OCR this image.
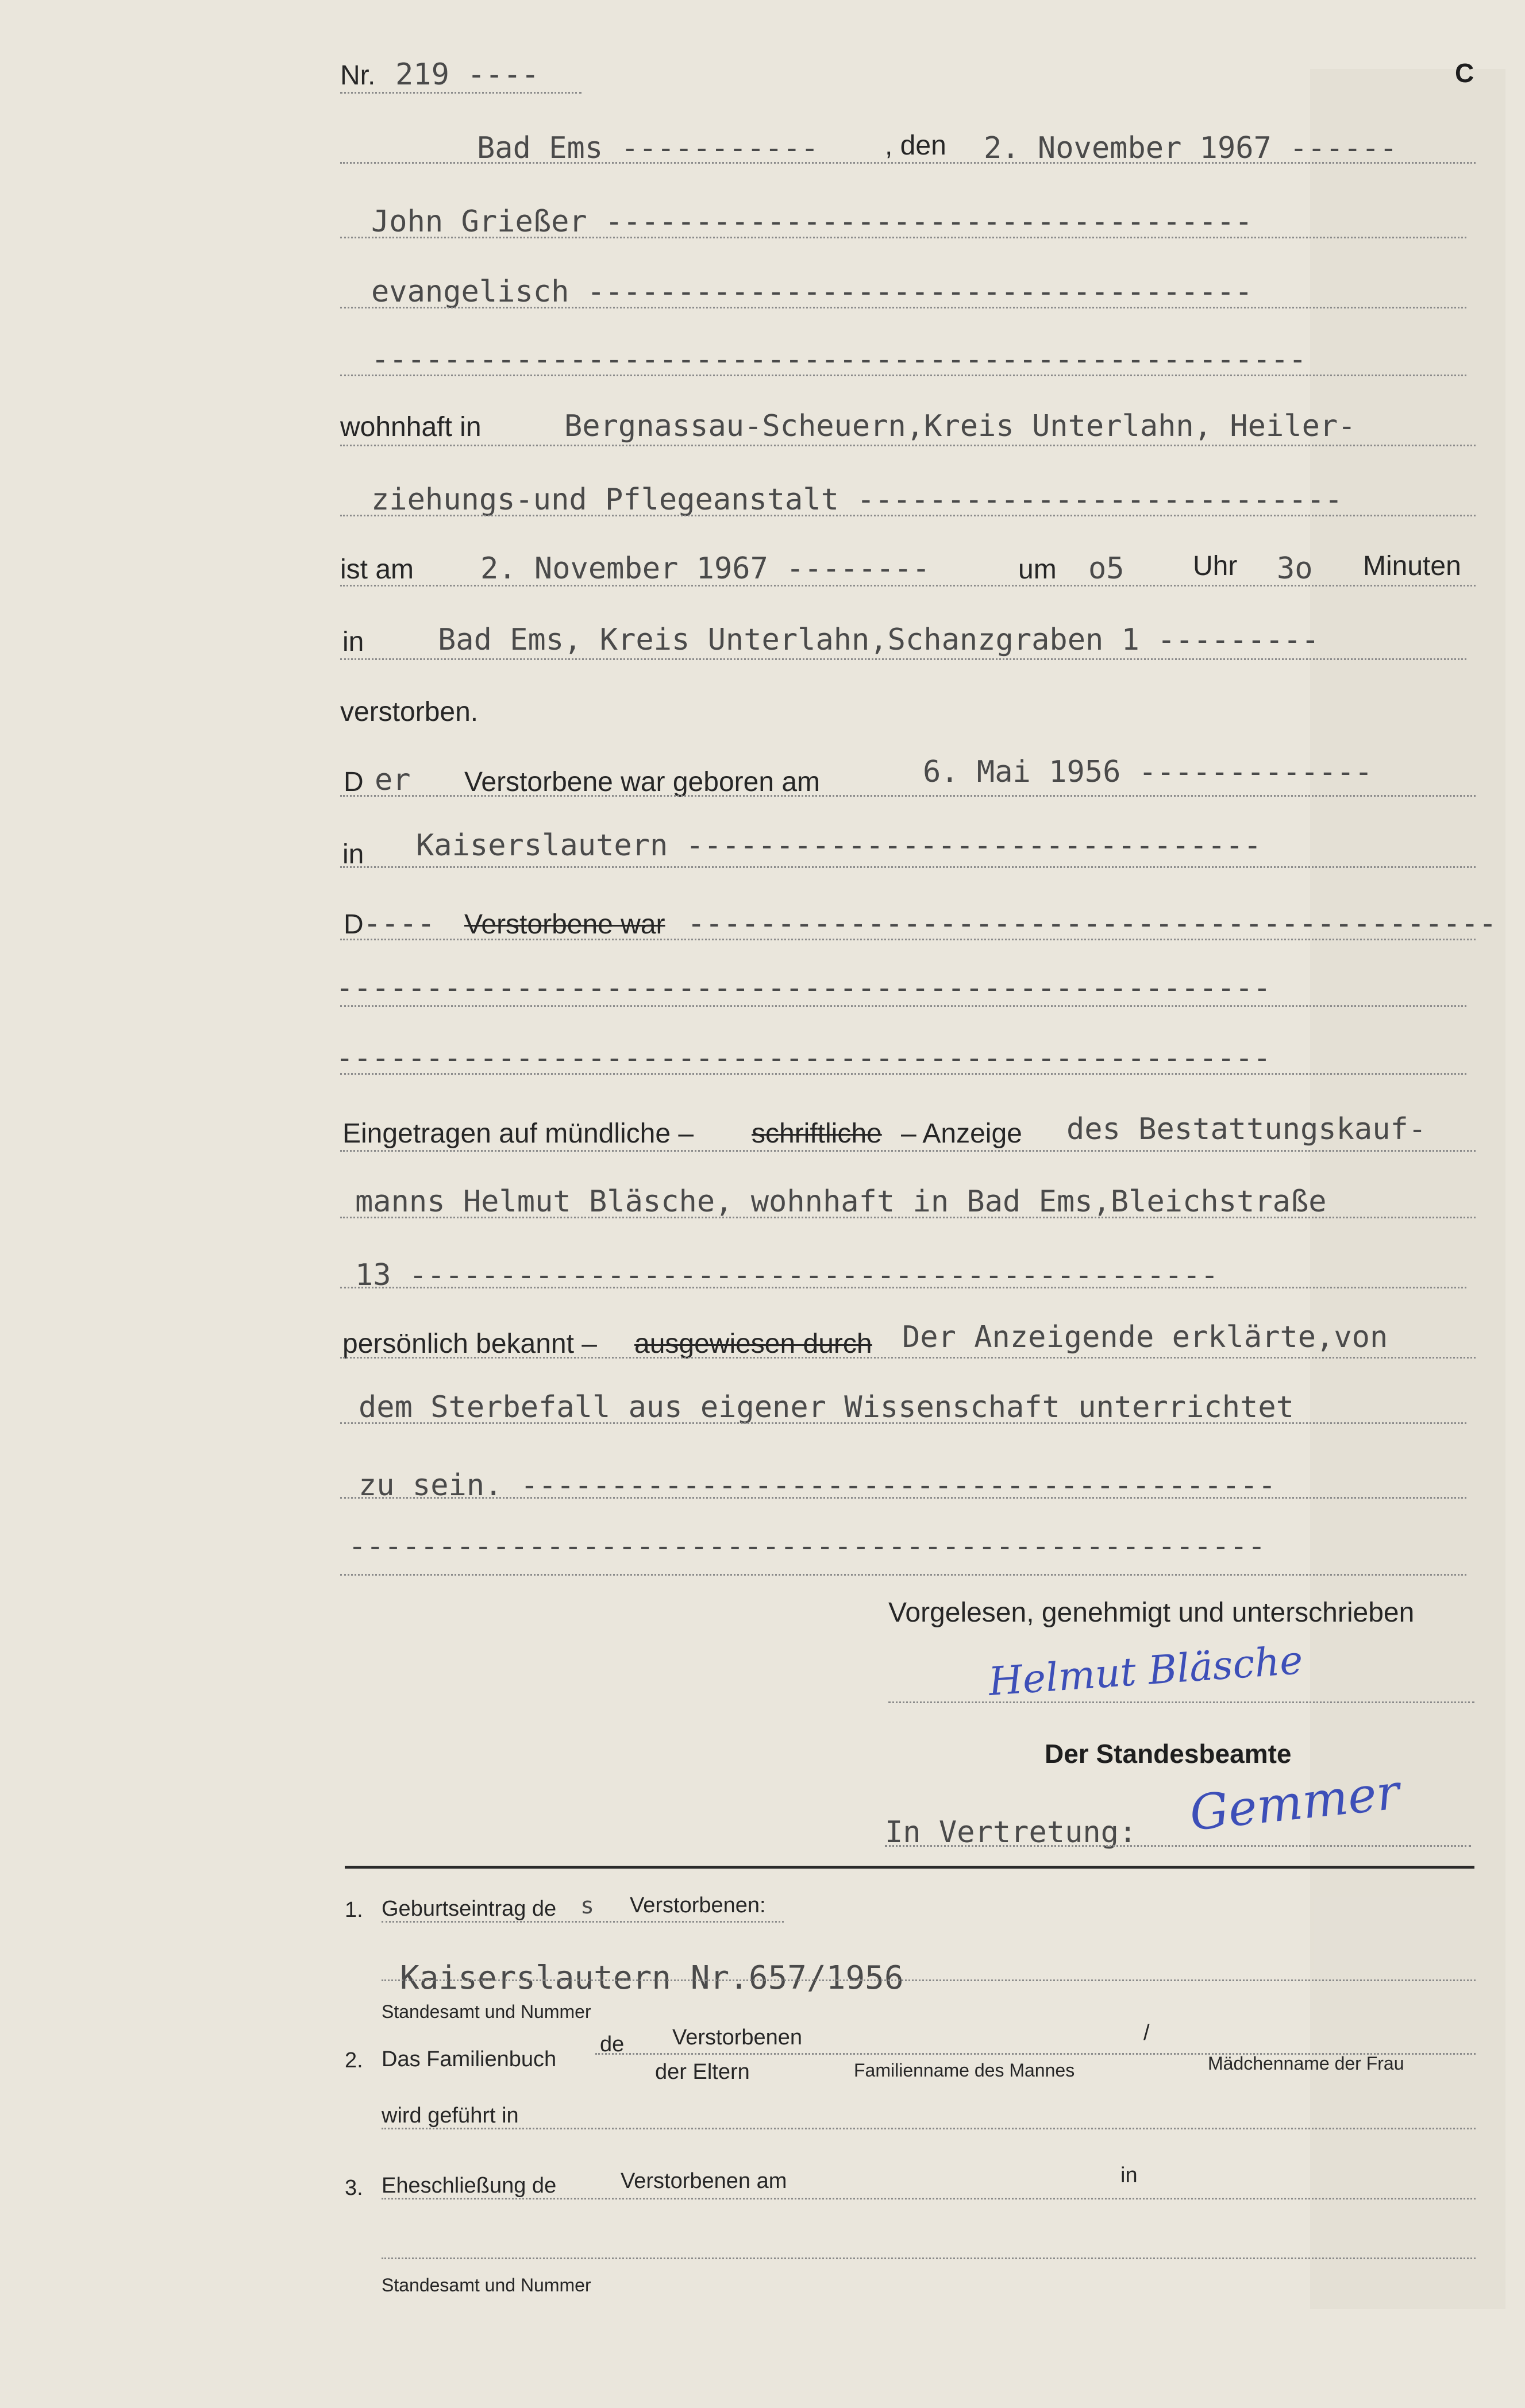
Nr. 219 ----	C
Bad Ems ----------- , den 2. November 1967 ------
John Grießer ------------------------------------
evangelisch -------------------------------------
----------------------------------------------------
wohnhaft in	Bergnassau-Scheuern,Kreis Unterlahn, Heiler-
ziehungs-und Pflegeanstalt ---------------------------
ist am 2. November 1967 --------	um o5 Uhr 3o Minuten
in Bad Ems, Kreis Unterlahn,Schanzgraben 1 ---------
verstorben.
D er Verstorbene war geboren am	6. Mai 1956 -------------
in Kaiserslautern --------------------------------
D ---- Verstorbene war ---------------------------------------------
----------------------------------------------------
----------------------------------------------------
Eingetragen auf mündliche – schriftliche – Anzeige des Bestattungskauf-
manns Helmut Bläsche, wohnhaft in Bad Ems,Bleichstraße
13 ---------------------------------------------
persönlich bekannt – ausgewiesen durch Der Anzeigende erklärte,von
dem Sterbefall aus eigener Wissenschaft unterrichtet
zu sein. ------------------------------------------
---------------------------------------------------
Vorgelesen, genehmigt und unterschrieben
Helmut Bläsche
Der Standesbeamte
In Vertretung: Gemmer
1. Geburtseintrag de s Verstorbenen:
Kaiserslautern Nr.657/1956
Standesamt und Nummer
2. Das Familienbuch
de Verstorbenen
der Eltern
/
Familienname des Mannes	Mädchenname der Frau
wird geführt in
3. Eheschließung de	Verstorbenen am	in
Standesamt und Nummer
